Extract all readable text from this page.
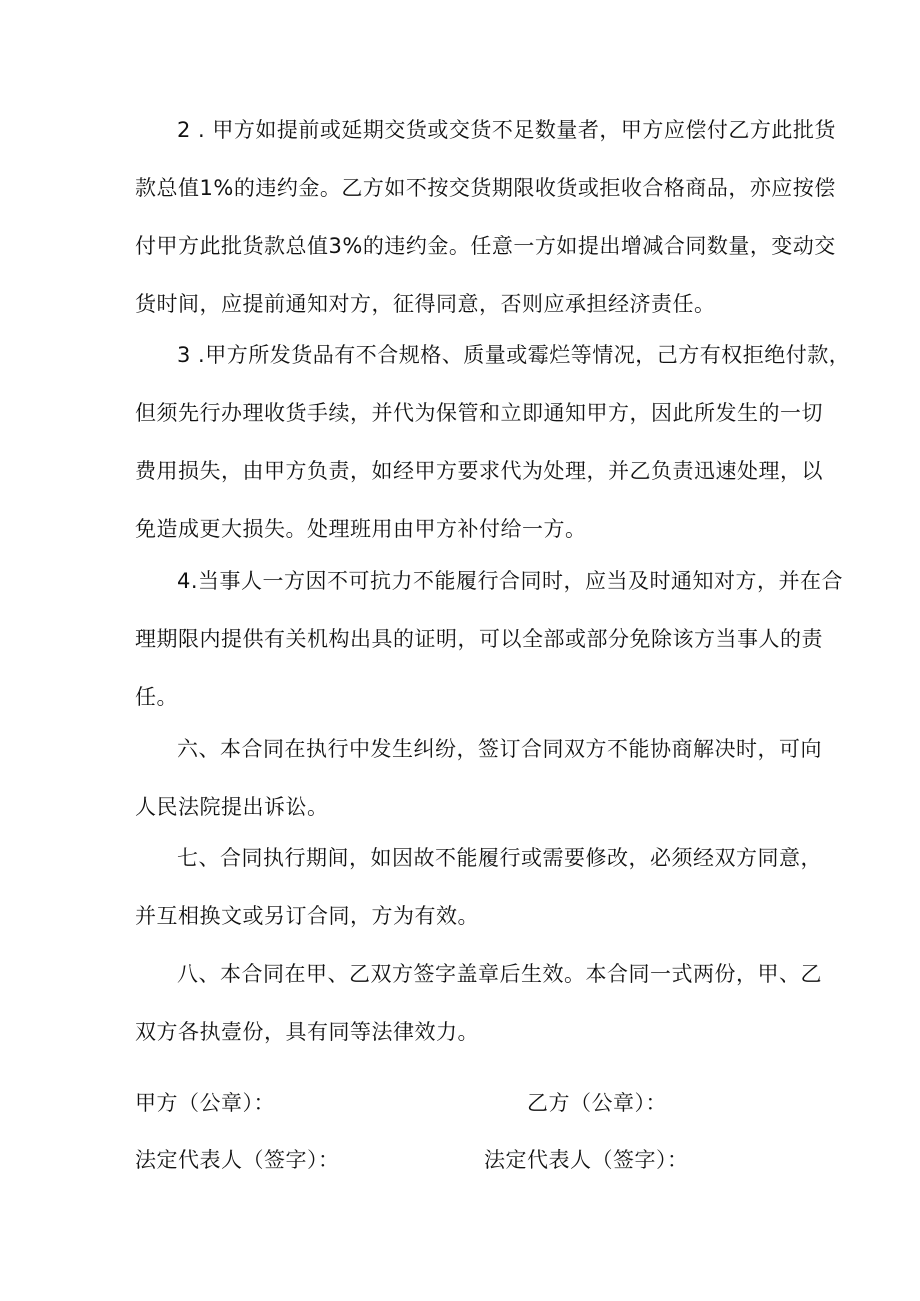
2 . 甲方如提前或延期交货或交货不足数量者，甲方应偿付乙方此批货
款总值1%的违约金。乙方如不按交货期限收货或拒收合格商品，亦应按偿
付甲方此批货款总值3%的违约金。任意一方如提出增减合同数量，变动交
货时间，应提前通知对方，征得同意，否则应承担经济责任。
3 .甲方所发货品有不合规格、质量或霉烂等情况，己方有权拒绝付款，
但须先行办理收货手续，并代为保管和立即通知甲方，因此所发生的一切
费用损失，由甲方负责，如经甲方要求代为处理，并乙负责迅速处理，以
免造成更大损失。处理班用由甲方补付给一方。
4.当事人一方因不可抗力不能履行合同时，应当及时通知对方，并在合
理期限内提供有关机构出具的证明，可以全部或部分免除该方当事人的责
任。
六、本合同在执行中发生纠纷，签订合同双方不能协商解决时，可向
人民法院提出诉讼。
七、合同执行期间，如因故不能履行或需要修改，必须经双方同意，
并互相换文或另订合同，方为有效。
八、本合同在甲、乙双方签字盖章后生效。本合同一式两份，甲、乙
双方各执壹份，具有同等法律效力。
甲方（公章）：	乙方（公章）：
法定代表人（签字）：	法定代表人（签字）：
